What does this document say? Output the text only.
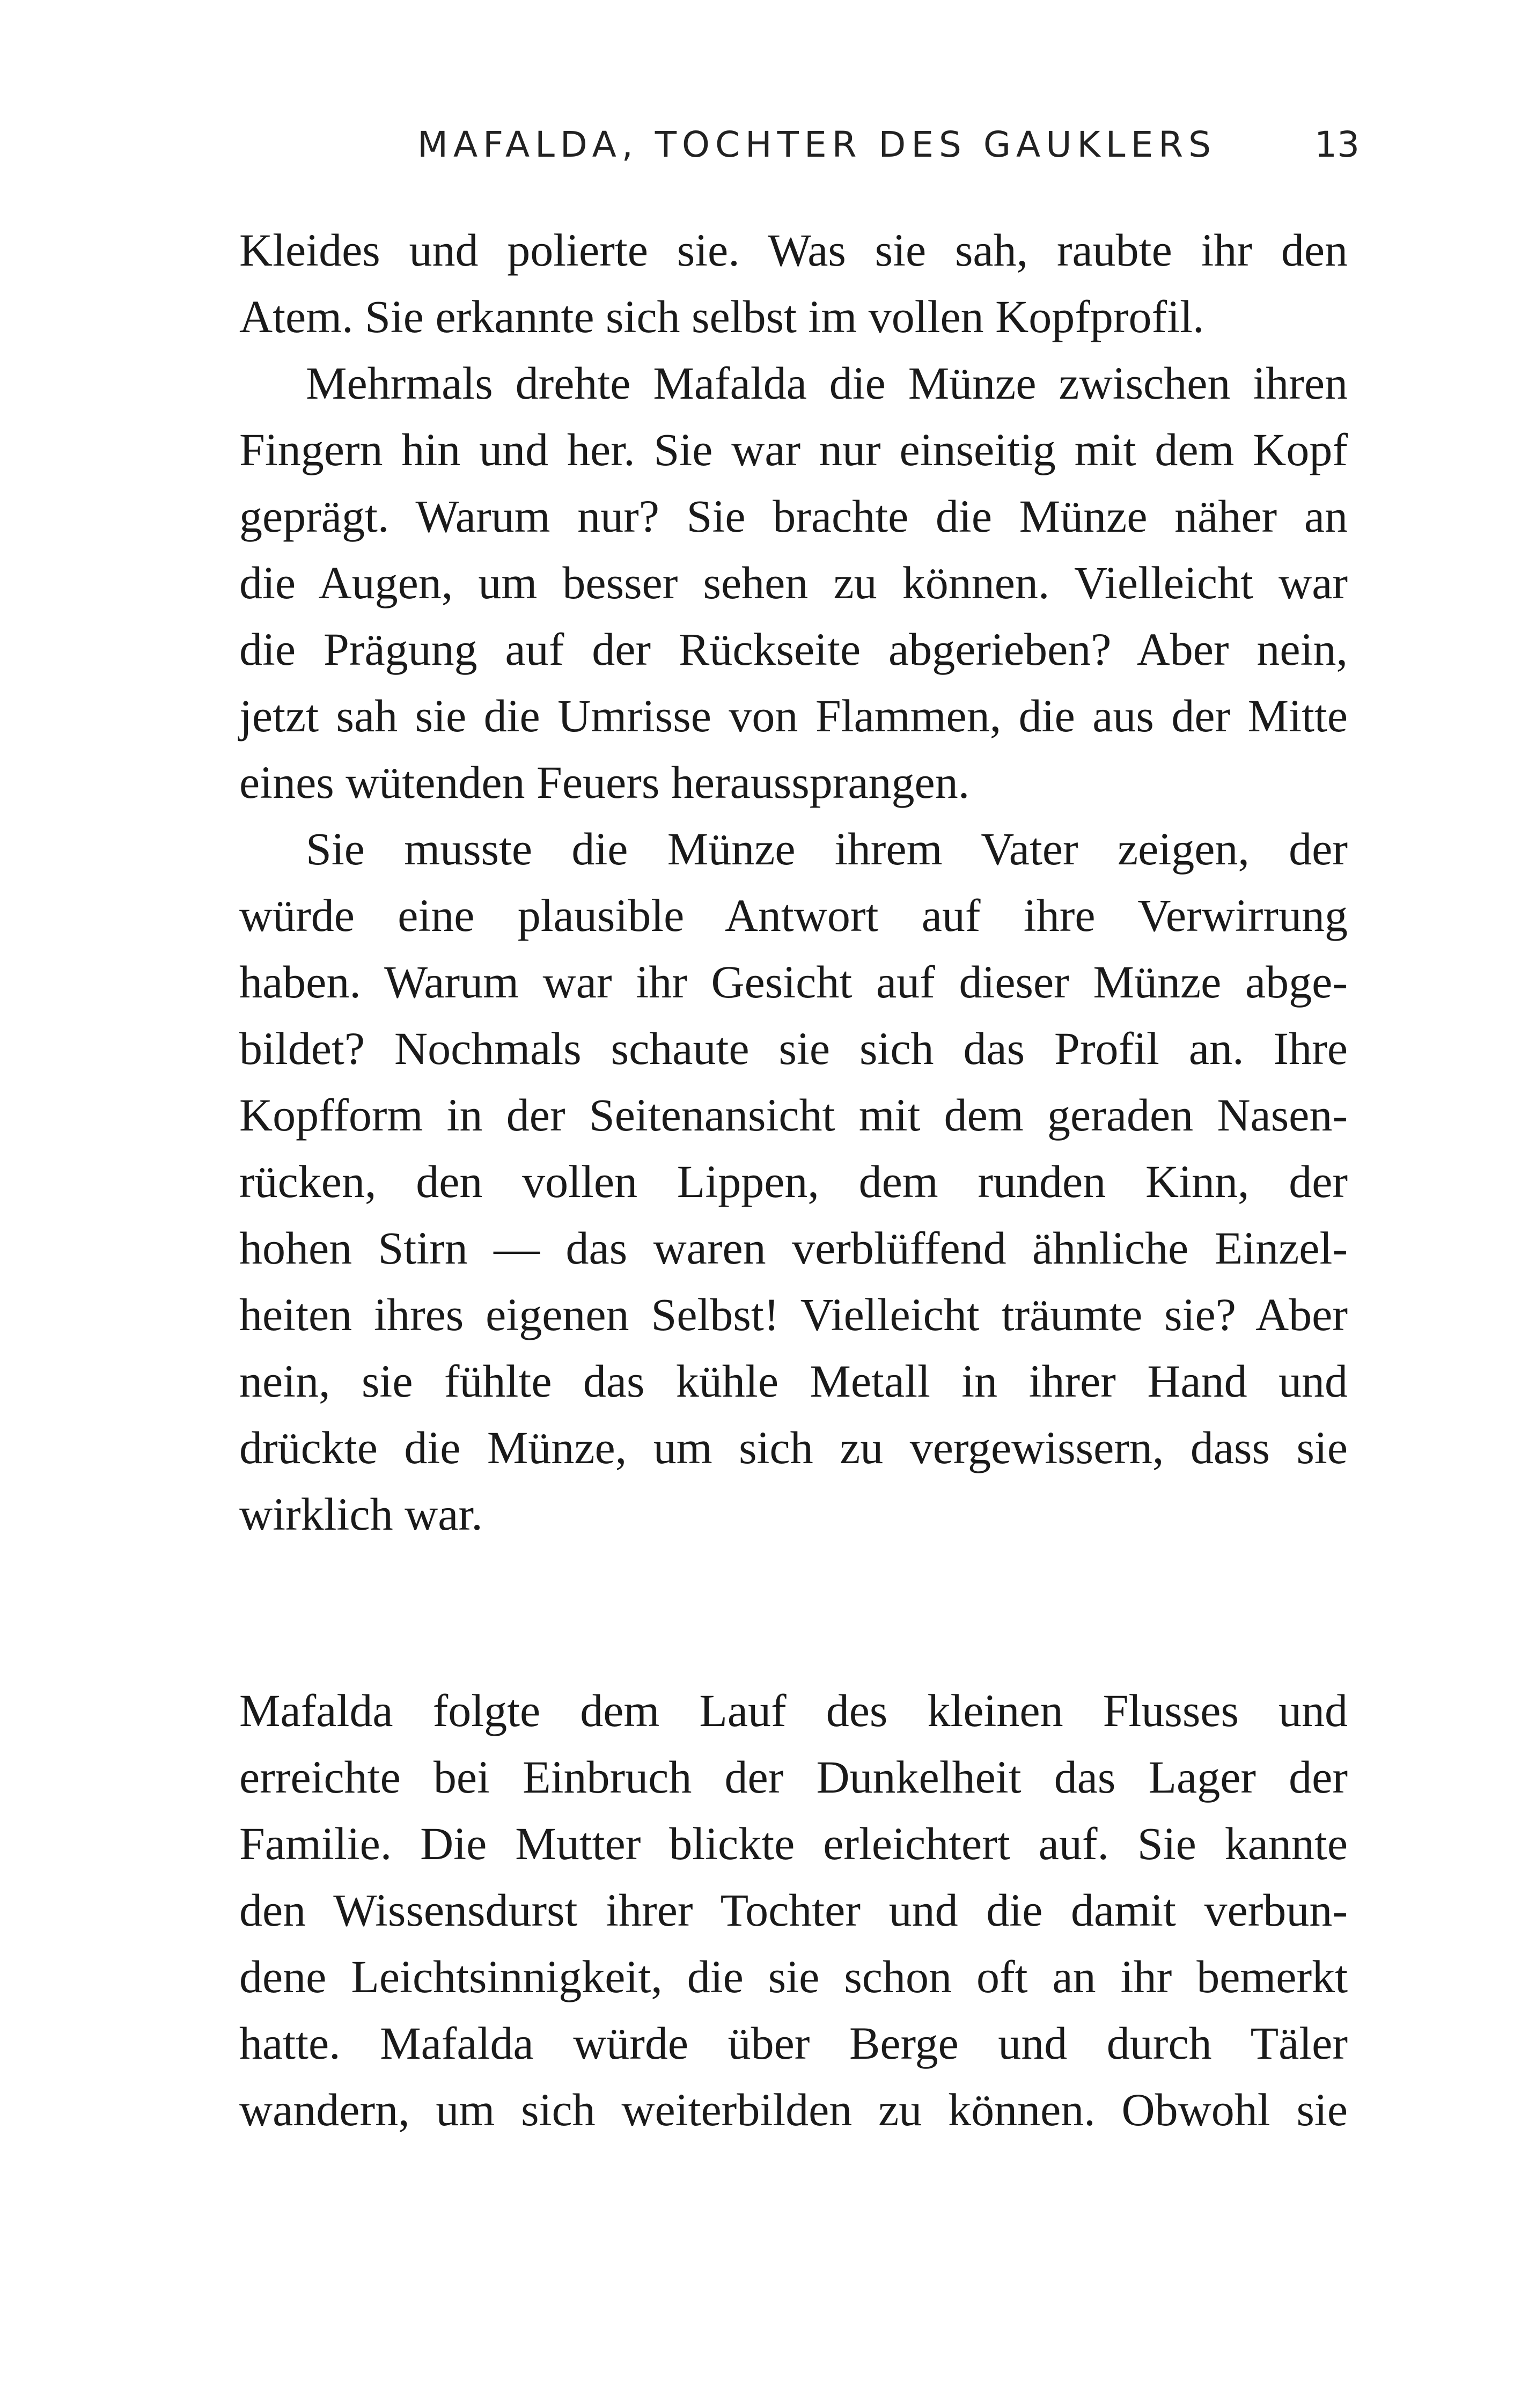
MAFALDA, TOCHTER DES GAUKLERS	13

Kleides und polierte sie. Was sie sah, raubte ihr den
Atem. Sie erkannte sich selbst im vollen Kopfprofil.

Mehrmals drehte Mafalda die Münze zwischen ihren
Fingern hin und her. Sie war nur einseitig mit dem Kopf
geprägt. Warum nur? Sie brachte die Münze näher an
die Augen, um besser sehen zu können. Vielleicht war
die Prägung auf der Rückseite abgerieben? Aber nein,
jetzt sah sie die Umrisse von Flammen, die aus der Mitte
eines wütenden Feuers heraussprangen.

Sie musste die Münze ihrem Vater zeigen, der
würde eine plausible Antwort auf ihre Verwirrung
haben. Warum war ihr Gesicht auf dieser Münze abge-
bildet? Nochmals schaute sie sich das Profil an. Ihre
Kopfform in der Seitenansicht mit dem geraden Nasen-
rücken, den vollen Lippen, dem runden Kinn, der
hohen Stirn — das waren verblüffend ähnliche Einzel-
heiten ihres eigenen Selbst! Vielleicht träumte sie? Aber
nein, sie fühlte das kühle Metall in ihrer Hand und
drückte die Münze, um sich zu vergewissern, dass sie
wirklich war.

Mafalda folgte dem Lauf des kleinen Flusses und
erreichte bei Einbruch der Dunkelheit das Lager der
Familie. Die Mutter blickte erleichtert auf. Sie kannte
den Wissensdurst ihrer Tochter und die damit verbun-
dene Leichtsinnigkeit, die sie schon oft an ihr bemerkt
hatte. Mafalda würde über Berge und durch Täler
wandern, um sich weiterbilden zu können. Obwohl sie
